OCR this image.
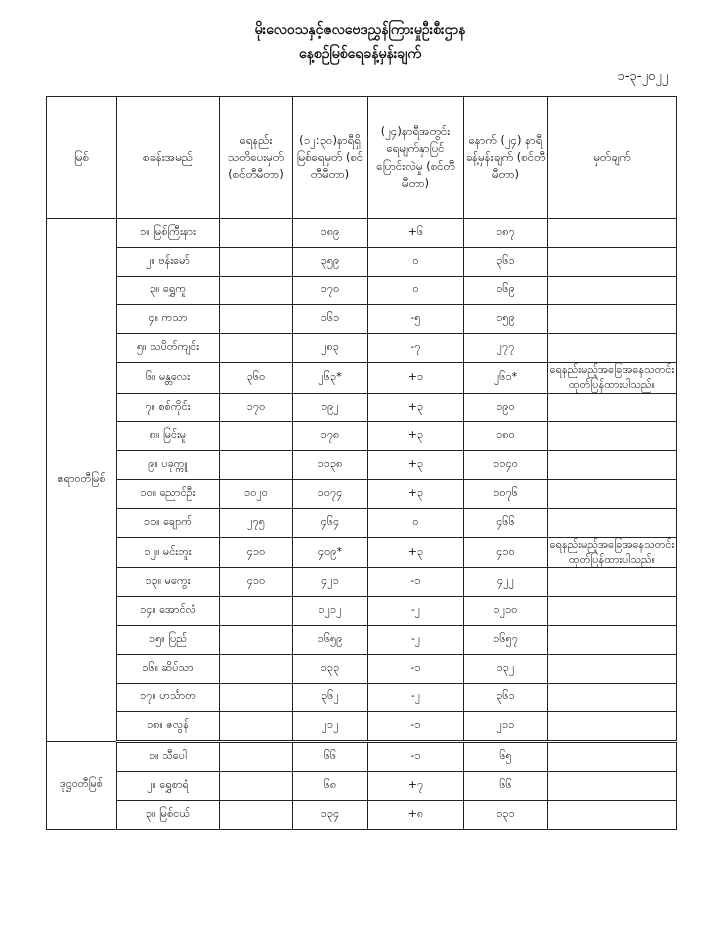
မိုးလေဝသနှင့်ဇလဗေဒညွှန်ကြားမှုဦးစီးဌာန
နေ့စဉ်မြစ်ရေခန့်မှန်းချက်
၁-၃-၂၀၂၂
မြစ်	စခန်းအမည်	ရေနည်း သတိပေးမှတ် (စင်တီမီတာ)	(၁၂:၃၀)နာရီရှိ မြစ်ရေမှတ် (စင်တီမီတာ)	(၂၄)နာရီအတွင်း ရေမျက်နှာပြင် ပြောင်းလဲမှု (စင်တီမီတာ)	နောက် (၂၄) နာရီ ခန့်မှန်းချက် (စင်တီမီတာ)	မှတ်ချက်
ဧရာဝတီမြစ်	၁။ မြစ်ကြီးနား		၁၈၉	+၆	၁၈၇	
	၂။ ဗန်းမော်		၃၅၉	၀	၃၆၁	
	၃။ ရွှေကူ		၁၇၀	၀	၁၆၉	
	၄။ ကသာ		၁၆၁	-၅	၁၅၉	
	၅။ သပိတ်ကျင်း		၂၈၃	-၇	၂၇၇	
	၆။ မန္တလေး	၃၆၀	၂၆၃*	+၁	၂၆၁*	ရေနည်းမည့်အခြေအနေသတင်း ထုတ်ပြန်ထားပါသည်။
	၇။ စစ်ကိုင်း	၁၇၀	၁၉၂	+၃	၁၉၀	
	၈။ မြင်းမူ		၁၇၈	+၃	၁၈၀	
	၉။ ပခုက္ကူ		၁၁၃၈	+၃	၁၁၄၀	
	၁၀။ ညောင်ဦး	၁၀၂၀	၁၀၇၄	+၃	၁၀၇၆	
	၁၁။ ချောက်	၂၇၅	၄၆၄	၀	၄၆၆	
	၁၂။ မင်းဘူး	၄၁၀	၄၀၉*	+၃	၄၁၀	ရေနည်းမည့်အခြေအနေသတင်း ထုတ်ပြန်ထားပါသည်။
	၁၃။ မကွေး	၄၁၀	၄၂၁	-၁	၄၂၂	
	၁၄။ အောင်လံ		၁၂၁၂	-၂	၁၂၁၀	
	၁၅။ ပြည်		၁၆၅၉	-၂	၁၆၅၇	
	၁၆။ ဆိပ်သာ		၁၃၃	-၁	၁၃၂	
	၁၇။ ဟင်္သာတ		၃၆၂	-၂	၃၆၁	
	၁၈။ ဇလွန်		၂၁၂	-၁	၂၁၁	
ဒုဋ္ဌဝတီမြစ်	၁။ သီပေါ		၆၆	-၁	၆၅	
	၂။ ရွှေစာရံ		၆၈	+၇	၆၆	
	၃။ မြစ်ငယ်		၁၃၄	+၈	၁၃၁	
